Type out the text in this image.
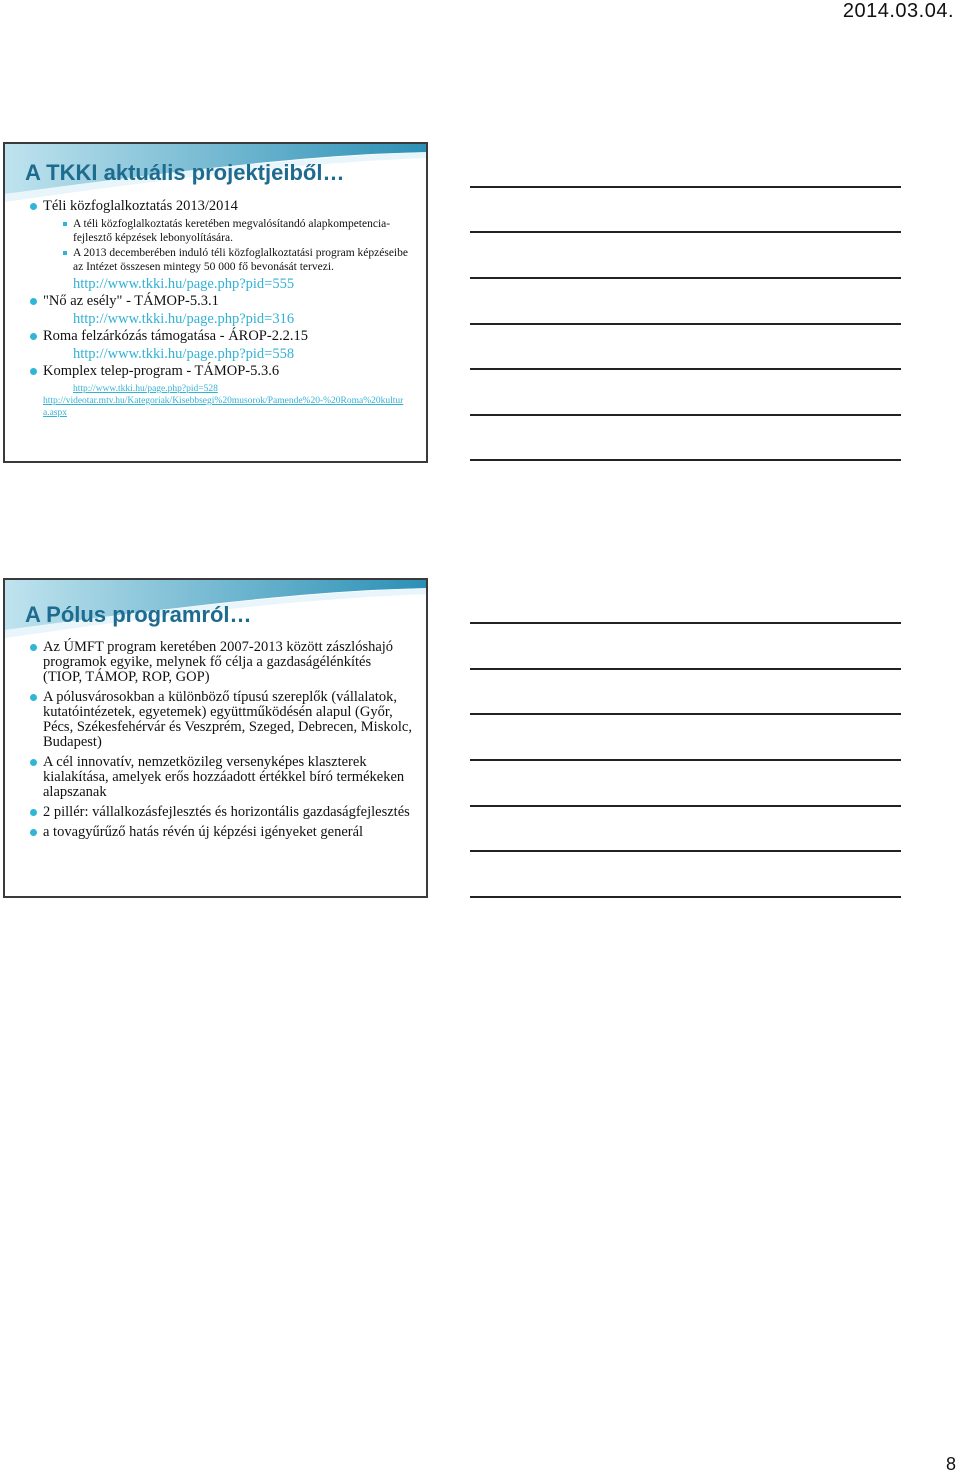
2014.03.04.
A TKKI aktuális projektjeiből…
Téli közfoglalkoztatás 2013/2014
A téli közfoglalkoztatás keretében megvalósítandó alapkompetencia-fejlesztő képzések lebonyolítására.
A 2013 decemberében induló téli közfoglalkoztatási program képzéseibe az Intézet összesen mintegy 50 000 fő bevonását tervezi.
http://www.tkki.hu/page.php?pid=555
"Nő az esély" - TÁMOP-5.3.1
http://www.tkki.hu/page.php?pid=316
Roma felzárkózás támogatása - ÁROP-2.2.15
http://www.tkki.hu/page.php?pid=558
Komplex telep-program - TÁMOP-5.3.6
http://www.tkki.hu/page.php?pid=528
http://videotar.mtv.hu/Kategoriak/Kisebbsegi%20musorok/Pamende%20-%20Roma%20kultura.aspx
A Pólus programról…
Az ÚMFT program keretében 2007-2013 között zászlóshajó programok egyike, melynek fő célja a gazdaságélénkítés (TIOP, TÁMOP, ROP, GOP)
A pólusvárosokban a különböző típusú szereplők (vállalatok, kutatóintézetek, egyetemek) együttműködésén alapul (Győr, Pécs, Székesfehérvár és Veszprém, Szeged, Debrecen, Miskolc, Budapest)
A cél innovatív, nemzetközileg versenyképes klaszterek kialakítása, amelyek erős hozzáadott értékkel bíró termékeken alapszanak
2 pillér: vállalkozásfejlesztés és horizontális gazdaságfejlesztés
a tovagyűrűző hatás révén új képzési igényeket generál
8
